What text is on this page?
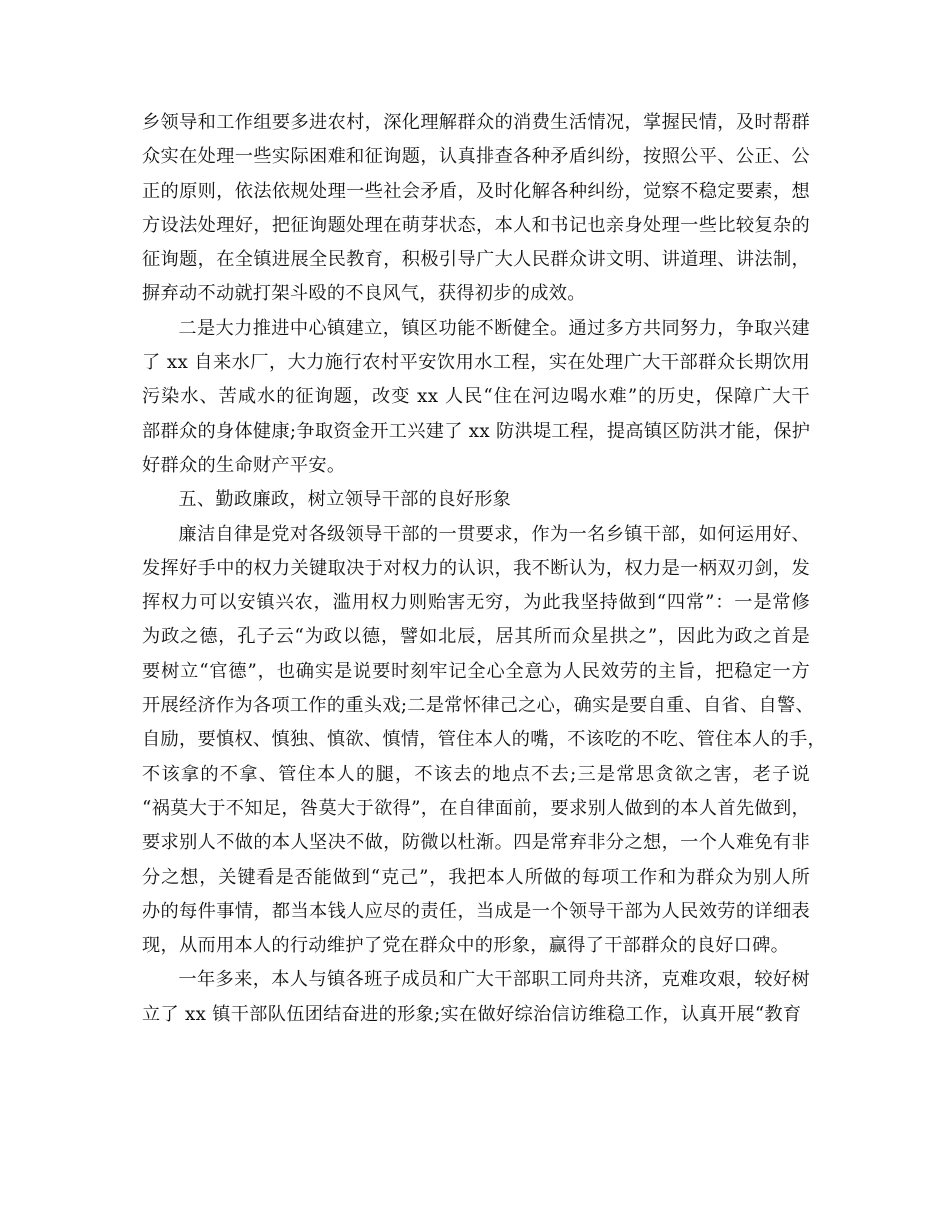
乡领导和工作组要多进农村，深化理解群众的消费生活情况，掌握民情，及时帮群
众实在处理一些实际困难和征询题，认真排查各种矛盾纠纷，按照公平、公正、公
正的原则，依法依规处理一些社会矛盾，及时化解各种纠纷，觉察不稳定要素，想
方设法处理好，把征询题处理在萌芽状态，本人和书记也亲身处理一些比较复杂的
征询题，在全镇进展全民教育，积极引导广大人民群众讲文明、讲道理、讲法制，
摒弃动不动就打架斗殴的不良风气，获得初步的成效。
二是大力推进中心镇建立，镇区功能不断健全。通过多方共同努力，争取兴建
了 xx 自来水厂，大力施行农村平安饮用水工程，实在处理广大干部群众长期饮用
污染水、苦咸水的征询题，改变 xx 人民“住在河边喝水难”的历史，保障广大干
部群众的身体健康;争取资金开工兴建了 xx 防洪堤工程，提高镇区防洪才能，保护
好群众的生命财产平安。
五、勤政廉政，树立领导干部的良好形象
廉洁自律是党对各级领导干部的一贯要求，作为一名乡镇干部，如何运用好、
发挥好手中的权力关键取决于对权力的认识，我不断认为，权力是一柄双刃剑，发
挥权力可以安镇兴农，滥用权力则贻害无穷，为此我坚持做到“四常”：一是常修
为政之德，孔子云“为政以德，譬如北辰，居其所而众星拱之”，因此为政之首是
要树立“官德”，也确实是说要时刻牢记全心全意为人民效劳的主旨，把稳定一方
开展经济作为各项工作的重头戏;二是常怀律己之心，确实是要自重、自省、自警、
自励，要慎权、慎独、慎欲、慎情，管住本人的嘴，不该吃的不吃、管住本人的手，
不该拿的不拿、管住本人的腿，不该去的地点不去;三是常思贪欲之害，老子说
“祸莫大于不知足，咎莫大于欲得”，在自律面前，要求别人做到的本人首先做到，
要求别人不做的本人坚决不做，防微以杜渐。四是常弃非分之想，一个人难免有非
分之想，关键看是否能做到“克己”，我把本人所做的每项工作和为群众为别人所
办的每件事情，都当本钱人应尽的责任，当成是一个领导干部为人民效劳的详细表
现，从而用本人的行动维护了党在群众中的形象，赢得了干部群众的良好口碑。
一年多来，本人与镇各班子成员和广大干部职工同舟共济，克难攻艰，较好树
立了 xx 镇干部队伍团结奋进的形象;实在做好综治信访维稳工作，认真开展“教育
